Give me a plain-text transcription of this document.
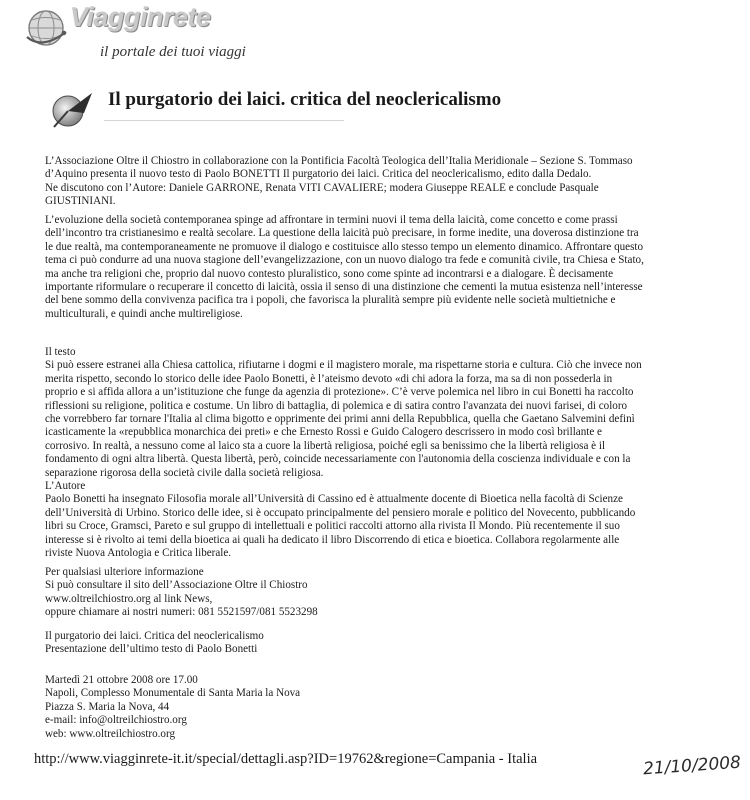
Viagginrete
il portale dei tuoi viaggi
Il purgatorio dei laici. critica del neoclericalismo
L’Associazione Oltre il Chiostro in collaborazione con la Pontificia Facoltà Teologica dell’Italia Meridionale – Sezione S. Tommaso
d’Aquino presenta il nuovo testo di Paolo BONETTI Il purgatorio dei laici. Critica del neoclericalismo, edito dalla Dedalo.
Ne discutono con l’Autore: Daniele GARRONE, Renata VITI CAVALIERE; modera Giuseppe REALE e conclude Pasquale
GIUSTINIANI.
L’evoluzione della società contemporanea spinge ad affrontare in termini nuovi il tema della laicità, come concetto e come prassi
dell’incontro tra cristianesimo e realtà secolare. La questione della laicità può precisare, in forme inedite, una doverosa distinzione tra
le due realtà, ma contemporaneamente ne promuove il dialogo e costituisce allo stesso tempo un elemento dinamico. Affrontare questo
tema ci può condurre ad una nuova stagione dell’evangelizzazione, con un nuovo dialogo tra fede e comunità civile, tra Chiesa e Stato,
ma anche tra religioni che, proprio dal nuovo contesto pluralistico, sono come spinte ad incontrarsi e a dialogare. È decisamente
importante riformulare o recuperare il concetto di laicità, ossia il senso di una distinzione che cementi la mutua esistenza nell’interesse
del bene sommo della convivenza pacifica tra i popoli, che favorisca la pluralità sempre più evidente nelle società multietniche e
multiculturali, e quindi anche multireligiose.
Il testo
Si può essere estranei alla Chiesa cattolica, rifiutarne i dogmi e il magistero morale, ma rispettarne storia e cultura. Ciò che invece non
merita rispetto, secondo lo storico delle idee Paolo Bonetti, è l’ateismo devoto «di chi adora la forza, ma sa di non possederla in
proprio e si affida allora a un’istituzione che funge da agenzia di protezione». C’è verve polemica nel libro in cui Bonetti ha raccolto
riflessioni su religione, politica e costume. Un libro di battaglia, di polemica e di satira contro l'avanzata dei nuovi farisei, di coloro
che vorrebbero far tornare l'Italia al clima bigotto e opprimente dei primi anni della Repubblica, quella che Gaetano Salvemini definì
icasticamente la «repubblica monarchica dei preti» e che Ernesto Rossi e Guido Calogero descrissero in modo così brillante e
corrosivo. In realtà, a nessuno come al laico sta a cuore la libertà religiosa, poiché egli sa benissimo che la libertà religiosa è il
fondamento di ogni altra libertà. Questa libertà, però, coincide necessariamente con l'autonomia della coscienza individuale e con la
separazione rigorosa della società civile dalla società religiosa.
L’Autore
Paolo Bonetti ha insegnato Filosofia morale all’Università di Cassino ed è attualmente docente di Bioetica nella facoltà di Scienze
dell’Università di Urbino. Storico delle idee, si è occupato principalmente del pensiero morale e politico del Novecento, pubblicando
libri su Croce, Gramsci, Pareto e sul gruppo di intellettuali e politici raccolti attorno alla rivista Il Mondo. Più recentemente il suo
interesse si è rivolto ai temi della bioetica ai quali ha dedicato il libro Discorrendo di etica e bioetica. Collabora regolarmente alle
riviste Nuova Antologia e Critica liberale.
Per qualsiasi ulteriore informazione
Si può consultare il sito dell’Associazione Oltre il Chiostro
www.oltreilchiostro.org al link News,
oppure chiamare ai nostri numeri: 081 5521597/081 5523298
Il purgatorio dei laici. Critica del neoclericalismo
Presentazione dell’ultimo testo di Paolo Bonetti
Martedì 21 ottobre 2008 ore 17.00
Napoli, Complesso Monumentale di Santa Maria la Nova
Piazza S. Maria la Nova, 44
e-mail: info@oltreilchiostro.org
web: www.oltreilchiostro.org
http://www.viagginrete-it.it/special/dettagli.asp?ID=19762&regione=Campania - Italia	21/10/2008
